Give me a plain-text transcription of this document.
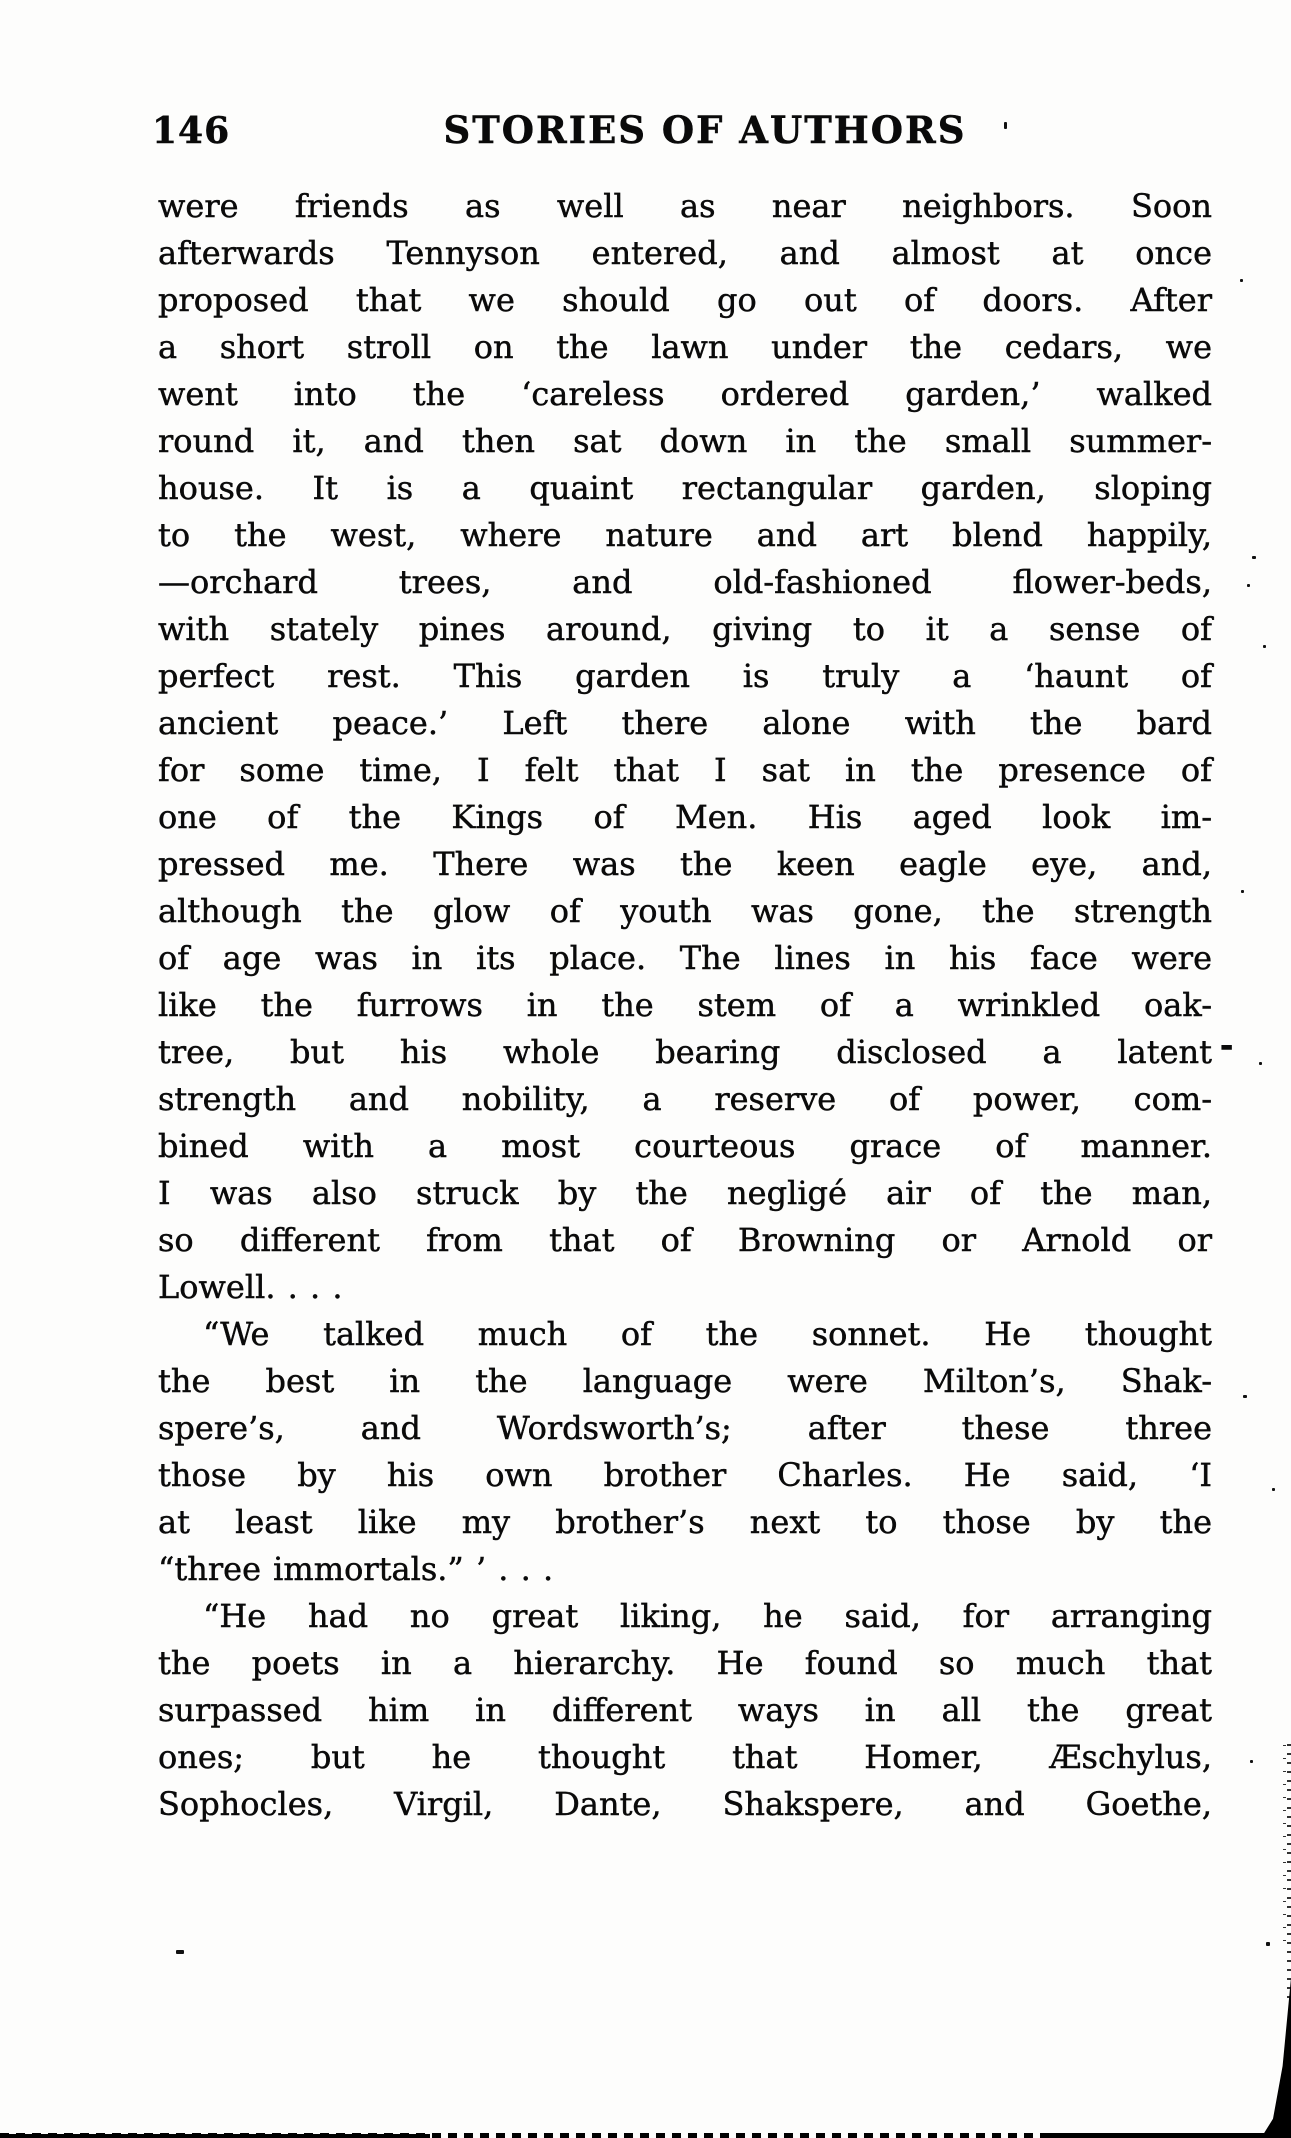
146	STORIES OF AUTHORS
were friends as well as near neighbors. Soon
afterwards Tennyson entered, and almost at once
proposed that we should go out of doors. After
a short stroll on the lawn under the cedars, we
went into the ‘careless ordered garden,’ walked
round it, and then sat down in the small summer-
house. It is a quaint rectangular garden, sloping
to the west, where nature and art blend happily,
—orchard trees, and old-fashioned flower-beds,
with stately pines around, giving to it a sense of
perfect rest. This garden is truly a ‘haunt of
ancient peace.’ Left there alone with the bard
for some time, I felt that I sat in the presence of
one of the Kings of Men. His aged look im-
pressed me. There was the keen eagle eye, and,
although the glow of youth was gone, the strength
of age was in its place. The lines in his face were
like the furrows in the stem of a wrinkled oak-
tree, but his whole bearing disclosed a latent
strength and nobility, a reserve of power, com-
bined with a most courteous grace of manner.
I was also struck by the negligé air of the man,
so different from that of Browning or Arnold or
Lowell. . . .
“We talked much of the sonnet. He thought
the best in the language were Milton’s, Shak-
spere’s, and Wordsworth’s; after these three
those by his own brother Charles. He said, ‘I
at least like my brother’s next to those by the
“three immortals.” ’ . . .
“He had no great liking, he said, for arranging
the poets in a hierarchy. He found so much that
surpassed him in different ways in all the great
ones; but he thought that Homer, Æschylus,
Sophocles, Virgil, Dante, Shakspere, and Goethe,
-
